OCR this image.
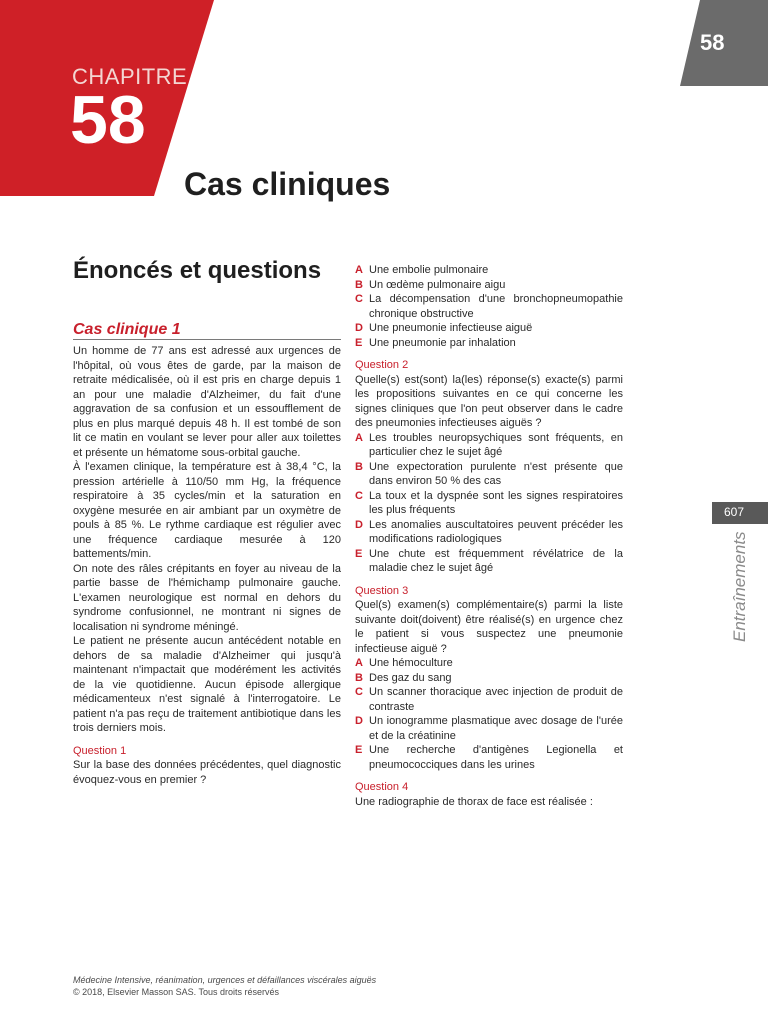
CHAPITRE
58
Cas cliniques
58
607
Entraînements
Énoncés et questions
Cas clinique 1

Un homme de 77 ans est adressé aux urgences de l'hôpital, où vous êtes de garde, par la maison de retraite médicalisée, où il est pris en charge depuis 1 an pour une maladie d'Alzheimer, du fait d'une aggravation de sa confusion et un essoufflement de plus en plus marqué depuis 48 h. Il est tombé de son lit ce matin en voulant se lever pour aller aux toilettes et présente un hématome sous-orbital gauche.

À l'examen clinique, la température est à 38,4 °C, la pression artérielle à 110/50 mm Hg, la fréquence respiratoire à 35 cycles/min et la saturation en oxygène mesurée en air ambiant par un oxymètre de pouls à 85 %. Le rythme cardiaque est régulier avec une fréquence cardiaque mesurée à 120 battements/min.

On note des râles crépitants en foyer au niveau de la partie basse de l'hémichamp pulmonaire gauche. L'examen neurologique est normal en dehors du syndrome confusionnel, ne montrant ni signes de localisation ni syndrome méningé.

Le patient ne présente aucun antécédent notable en dehors de sa maladie d'Alzheimer qui jusqu'à maintenant n'impactait que modérément les activités de la vie quotidienne. Aucun épisode allergique médicamenteux n'est signalé à l'interrogatoire. Le patient n'a pas reçu de traitement antibiotique dans les trois derniers mois.

Question 1
Sur la base des données précédentes, quel diagnostic évoquez-vous en premier ?
A Une embolie pulmonaire
B Un œdème pulmonaire aigu
C La décompensation d'une bronchopneumopathie chronique obstructive
D Une pneumonie infectieuse aiguë
E Une pneumonie par inhalation
Question 2
Quelle(s) est(sont) la(les) réponse(s) exacte(s) parmi les propositions suivantes en ce qui concerne les signes cliniques que l'on peut observer dans le cadre des pneumonies infectieuses aiguës ?
A Les troubles neuropsychiques sont fréquents, en particulier chez le sujet âgé
B Une expectoration purulente n'est présente que dans environ 50 % des cas
C La toux et la dyspnée sont les signes respiratoires les plus fréquents
D Les anomalies auscultatoires peuvent précéder les modifications radiologiques
E Une chute est fréquemment révélatrice de la maladie chez le sujet âgé
Question 3
Quel(s) examen(s) complémentaire(s) parmi la liste suivante doit(doivent) être réalisé(s) en urgence chez le patient si vous suspectez une pneumonie infectieuse aiguë ?
A Une hémoculture
B Des gaz du sang
C Un scanner thoracique avec injection de produit de contraste
D Un ionogramme plasmatique avec dosage de l'urée et de la créatinine
E Une recherche d'antigènes Legionella et pneumococciques dans les urines
Question 4
Une radiographie de thorax de face est réalisée :
Médecine Intensive, réanimation, urgences et défaillances viscérales aiguës
© 2018, Elsevier Masson SAS. Tous droits réservés
